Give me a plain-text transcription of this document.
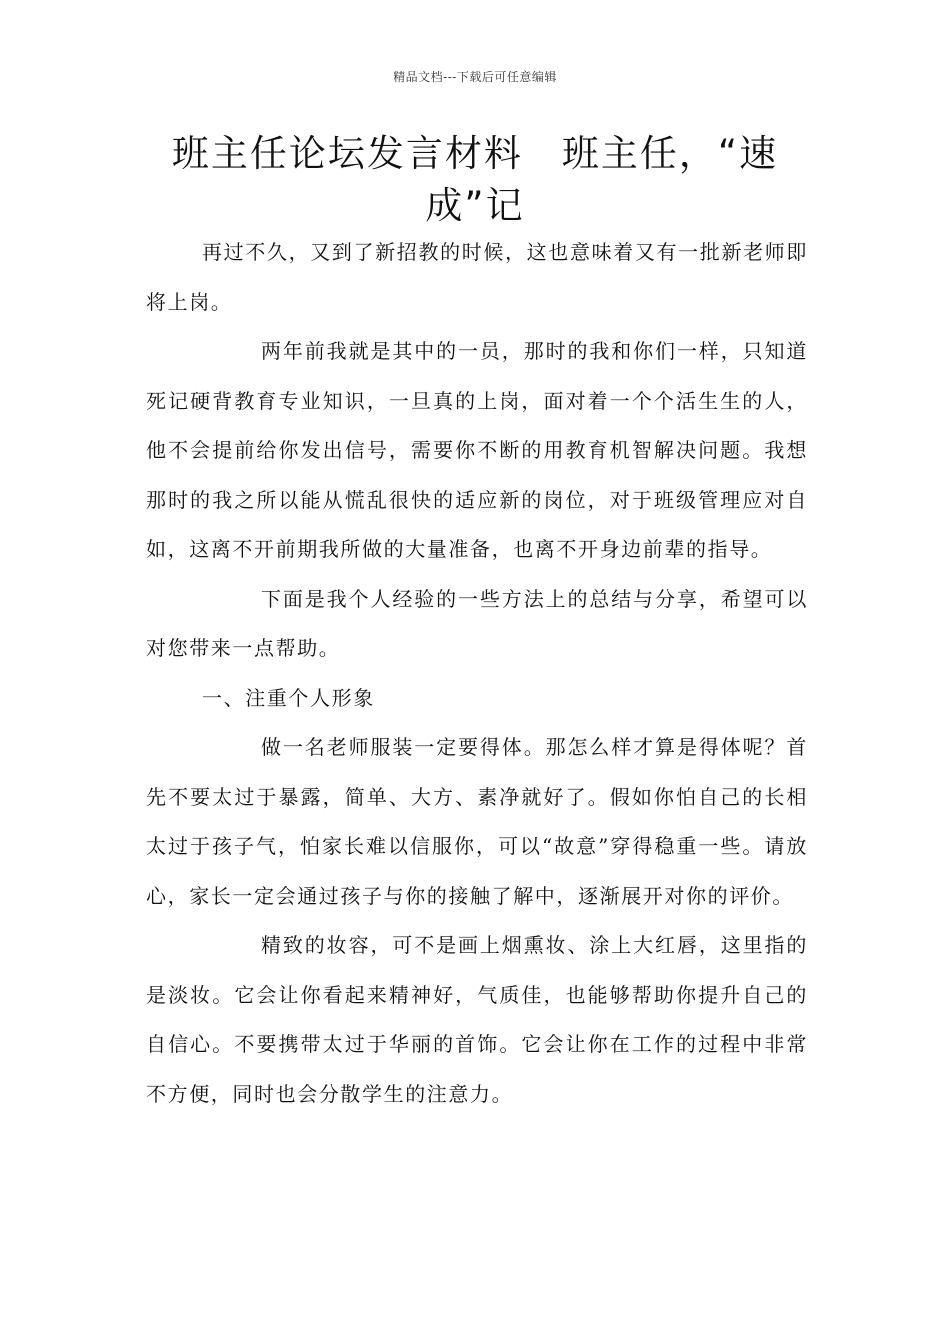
精品文档---下载后可任意编辑
班主任论坛发言材料　班主任，“速成”记

再过不久，又到了新招教的时候，这也意味着又有一批新老师即将上岗。

两年前我就是其中的一员，那时的我和你们一样，只知道死记硬背教育专业知识，一旦真的上岗，面对着一个个活生生的人，他不会提前给你发出信号，需要你不断的用教育机智解决问题。我想那时的我之所以能从慌乱很快的适应新的岗位，对于班级管理应对自如，这离不开前期我所做的大量准备，也离不开身边前辈的指导。

下面是我个人经验的一些方法上的总结与分享，希望可以对您带来一点帮助。

一、注重个人形象

做一名老师服装一定要得体。那怎么样才算是得体呢？首先不要太过于暴露，简单、大方、素净就好了。假如你怕自己的长相太过于孩子气，怕家长难以信服你，可以“故意”穿得稳重一些。请放心，家长一定会通过孩子与你的接触了解中，逐渐展开对你的评价。

精致的妆容，可不是画上烟熏妆、涂上大红唇，这里指的是淡妆。它会让你看起来精神好，气质佳，也能够帮助你提升自己的自信心。不要携带太过于华丽的首饰。它会让你在工作的过程中非常不方便，同时也会分散学生的注意力。
